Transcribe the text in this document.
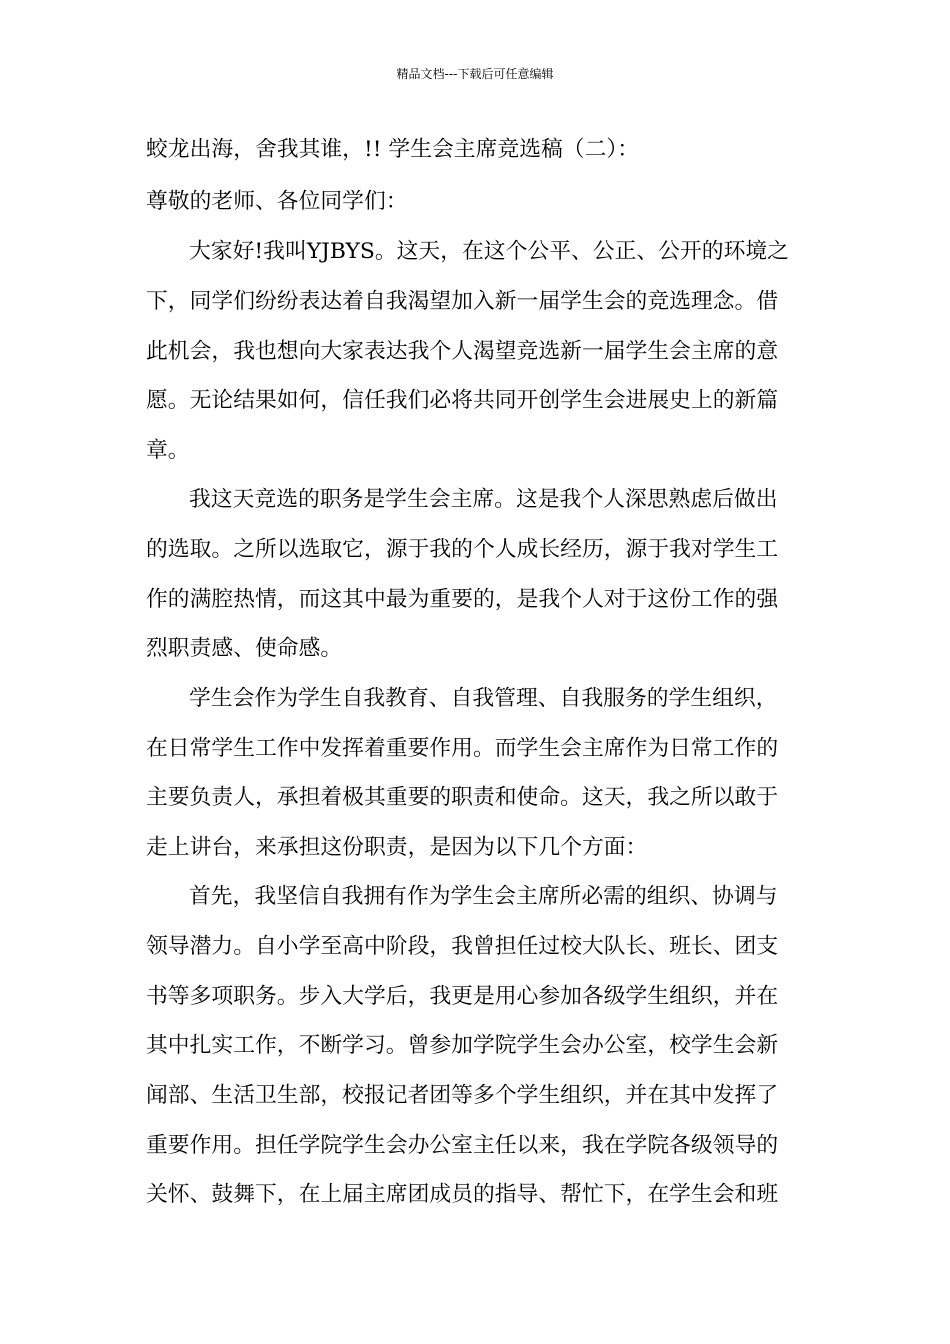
精品文档---下载后可任意编辑
蛟龙出海，舍我其谁，!! 学生会主席竞选稿（二）：
尊敬的老师、各位同学们：
大家好!我叫YJBYS。这天，在这个公平、公正、公开的环境之
下，同学们纷纷表达着自我渴望加入新一届学生会的竞选理念。借
此机会，我也想向大家表达我个人渴望竞选新一届学生会主席的意
愿。无论结果如何，信任我们必将共同开创学生会进展史上的新篇
章。
我这天竞选的职务是学生会主席。这是我个人深思熟虑后做出
的选取。之所以选取它，源于我的个人成长经历，源于我对学生工
作的满腔热情，而这其中最为重要的，是我个人对于这份工作的强
烈职责感、使命感。
学生会作为学生自我教育、自我管理、自我服务的学生组织，
在日常学生工作中发挥着重要作用。而学生会主席作为日常工作的
主要负责人，承担着极其重要的职责和使命。这天，我之所以敢于
走上讲台，来承担这份职责，是因为以下几个方面：
首先，我坚信自我拥有作为学生会主席所必需的组织、协调与
领导潜力。自小学至高中阶段，我曾担任过校大队长、班长、团支
书等多项职务。步入大学后，我更是用心参加各级学生组织，并在
其中扎实工作，不断学习。曾参加学院学生会办公室，校学生会新
闻部、生活卫生部，校报记者团等多个学生组织，并在其中发挥了
重要作用。担任学院学生会办公室主任以来，我在学院各级领导的
关怀、鼓舞下，在上届主席团成员的指导、帮忙下，在学生会和班
